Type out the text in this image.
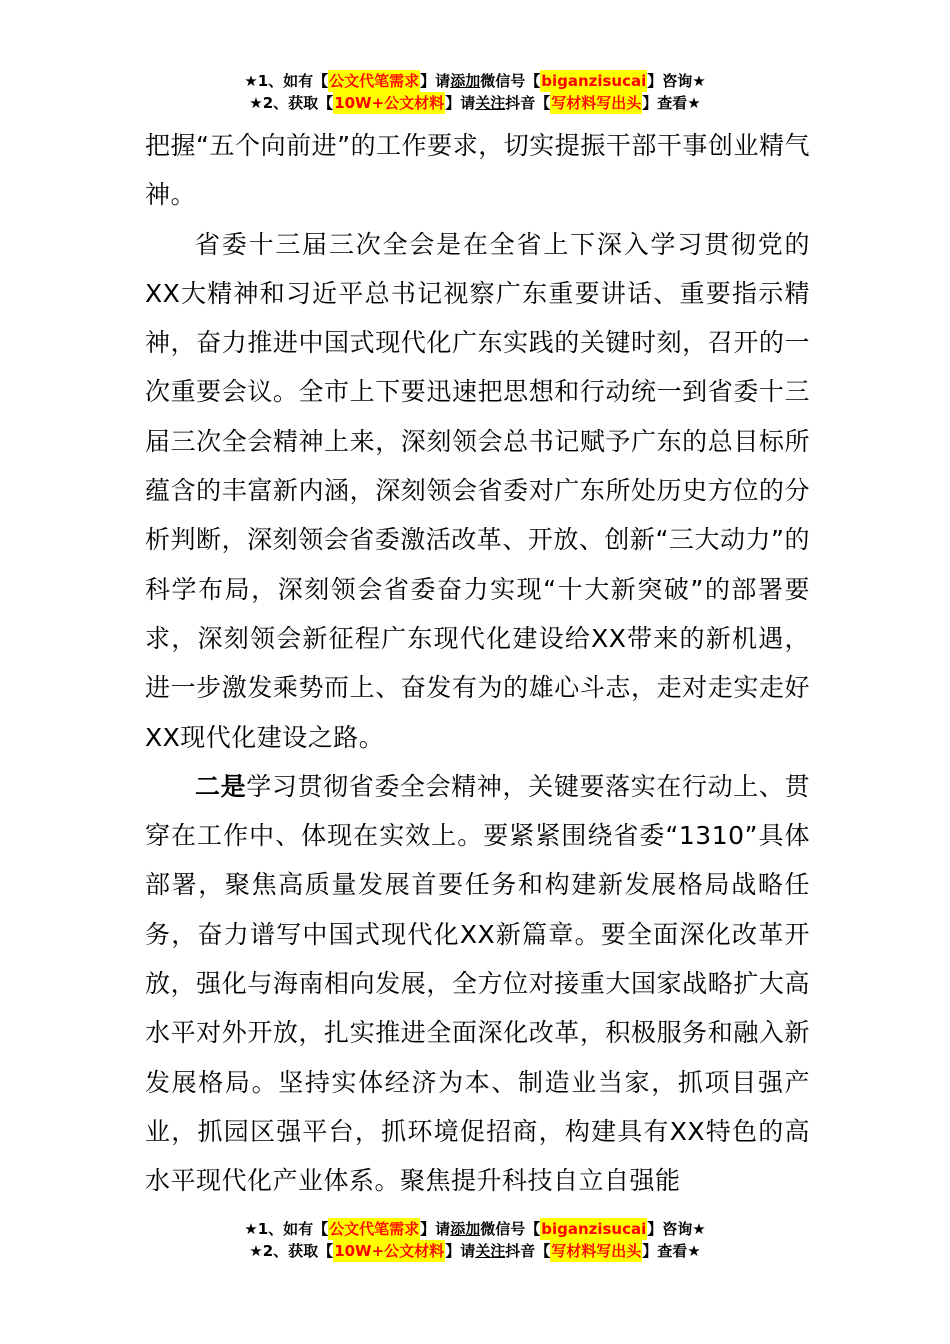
★1、如有【 公文代笔需求 】请 添加 微信号【 biganzisucai 】咨询★
★2、获取【 10W+公文材料 】请 关注 抖音【 写材料写出头 】查看★

把握“五个向前进”的工作要求，切实提振干部干事创业精气神。

省委十三届三次全会是在全省上下深入学习贯彻党的XX大精神和习近平总书记视察广东重要讲话、重要指示精神，奋力推进中国式现代化广东实践的关键时刻，召开的一次重要会议。全市上下要迅速把思想和行动统一到省委十三届三次全会精神上来，深刻领会总书记赋予广东的总目标所蕴含的丰富新内涵，深刻领会省委对广东所处历史方位的分析判断，深刻领会省委激活改革、开放、创新“三大动力”的科学布局，深刻领会省委奋力实现“十大新突破”的部署要求，深刻领会新征程广东现代化建设给XX带来的新机遇，进一步激发乘势而上、奋发有为的雄心斗志，走对走实走好XX现代化建设之路。

二是学习贯彻省委全会精神，关键要落实在行动上、贯穿在工作中、体现在实效上。要紧紧围绕省委“1310”具体部署，聚焦高质量发展首要任务和构建新发展格局战略任务，奋力谱写中国式现代化XX新篇章。要全面深化改革开放，强化与海南相向发展，全方位对接重大国家战略扩大高水平对外开放，扎实推进全面深化改革，积极服务和融入新发展格局。坚持实体经济为本、制造业当家，抓项目强产业，抓园区强平台，抓环境促招商，构建具有XX特色的高水平现代化产业体系。聚焦提升科技自立自强能

★1、如有【 公文代笔需求 】请 添加 微信号【 biganzisucai 】咨询★
★2、获取【 10W+公文材料 】请 关注 抖音【 写材料写出头 】查看★
